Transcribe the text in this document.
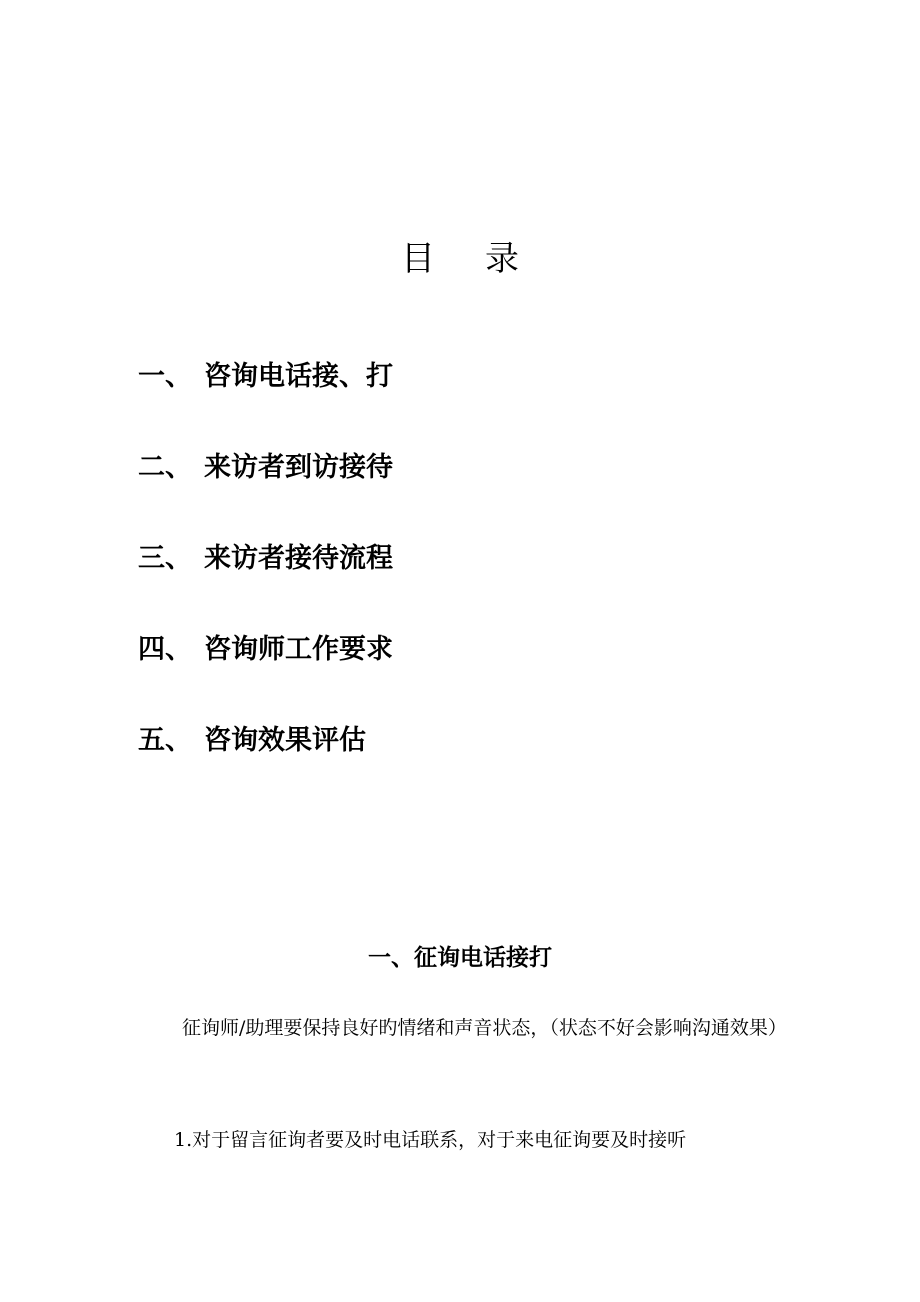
目录
一、 咨询电话接、打
二、 来访者到访接待
三、 来访者接待流程
四、 咨询师工作要求
五、 咨询效果评估
一、征询电话接打

征询师/助理要保持良好旳情绪和声音状态，（状态不好会影响沟通效果）

1.对于留言征询者要及时电话联系，对于来电征询要及时接听
